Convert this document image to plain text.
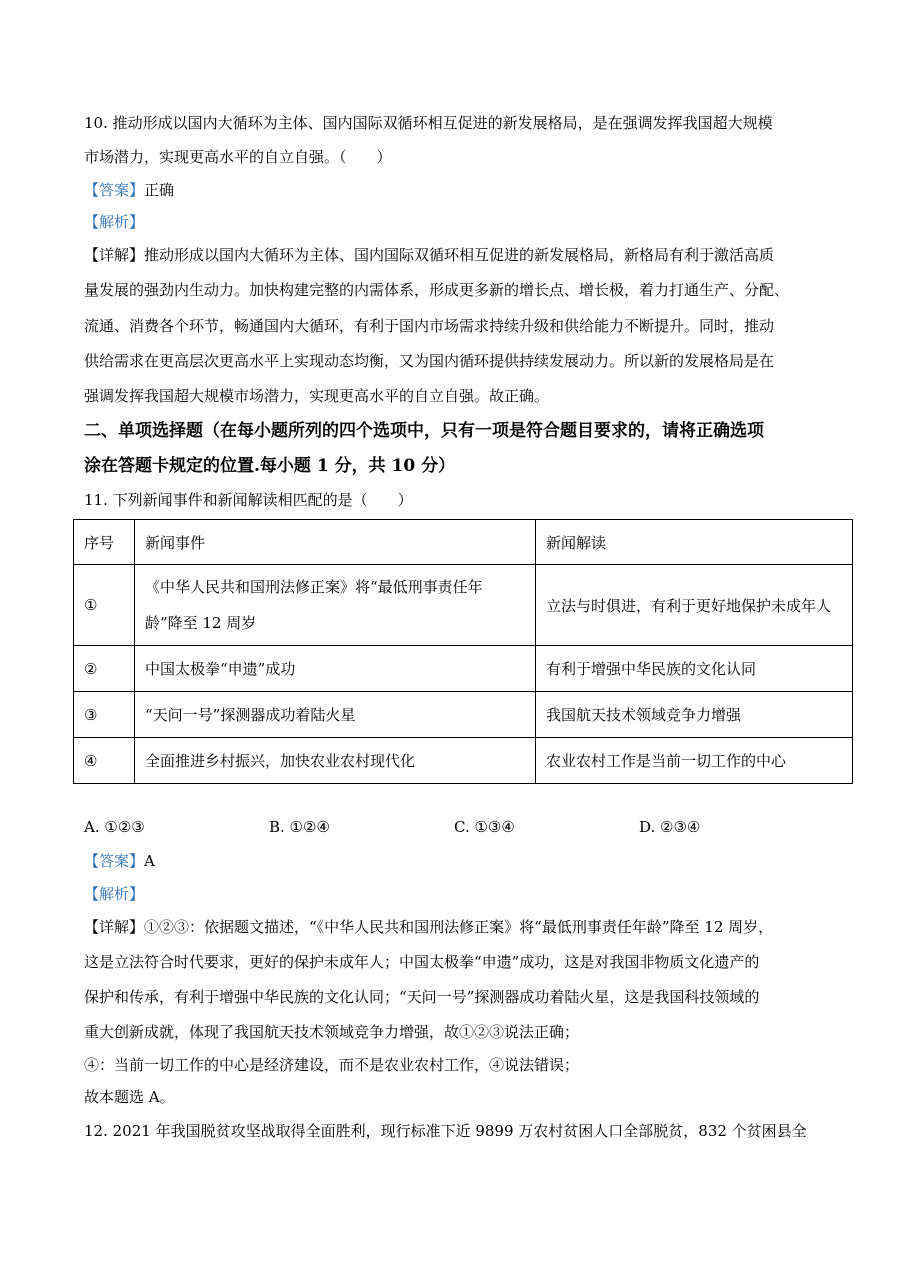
10. 推动形成以国内大循环为主体、国内国际双循环相互促进的新发展格局，是在强调发挥我国超大规模
市场潜力，实现更高水平的自立自强。（　　）
【答案】正确
【解析】
【详解】推动形成以国内大循环为主体、国内国际双循环相互促进的新发展格局，新格局有利于激活高质
量发展的强劲内生动力。加快构建完整的内需体系，形成更多新的增长点、增长极，着力打通生产、分配、
流通、消费各个环节，畅通国内大循环，有利于国内市场需求持续升级和供给能力不断提升。同时，推动
供给需求在更高层次更高水平上实现动态均衡，又为国内循环提供持续发展动力。所以新的发展格局是在
强调发挥我国超大规模市场潜力，实现更高水平的自立自强。故正确。
二、单项选择题（在每小题所列的四个选项中，只有一项是符合题目要求的，请将正确选项
涂在答题卡规定的位置.每小题 1 分，共 10 分）
11. 下列新闻事件和新闻解读相匹配的是（　　）
序号	新闻事件	新闻解读
①	《中华人民共和国刑法修正案》将“最低刑事责任年
龄”降至 12 周岁	立法与时俱进，有利于更好地保护未成年人
②	中国太极拳“申遗”成功	有利于增强中华民族的文化认同
③	“天问一号”探测器成功着陆火星	我国航天技术领域竞争力增强
④	全面推进乡村振兴，加快农业农村现代化	农业农村工作是当前一切工作的中心
A. ①②③	B. ①②④	C. ①③④	D. ②③④
【答案】A
【解析】
【详解】①②③：依据题文描述，“《中华人民共和国刑法修正案》将“最低刑事责任年龄”降至 12 周岁，
这是立法符合时代要求，更好的保护未成年人；中国太极拳“申遗”成功，这是对我国非物质文化遗产的
保护和传承，有利于增强中华民族的文化认同；“天问一号”探测器成功着陆火星，这是我国科技领域的
重大创新成就，体现了我国航天技术领域竞争力增强，故①②③说法正确；
④：当前一切工作的中心是经济建设，而不是农业农村工作，④说法错误；
故本题选 A。
12. 2021 年我国脱贫攻坚战取得全面胜利，现行标准下近 9899 万农村贫困人口全部脱贫，832 个贫困县全
